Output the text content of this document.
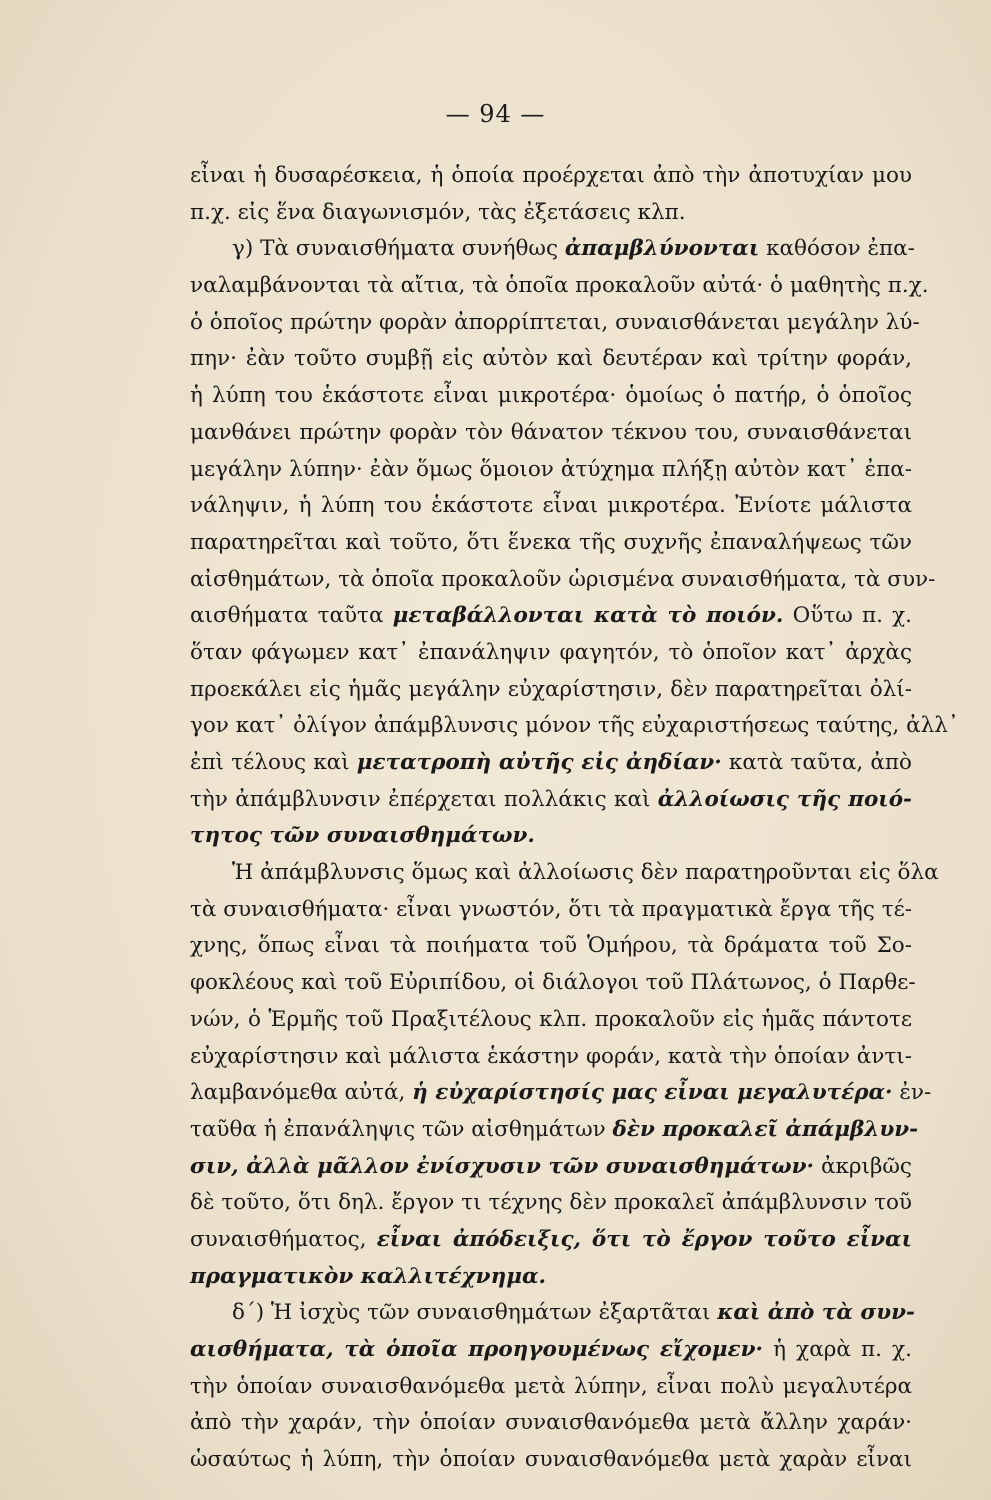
— 94 —
εἶναι ἡ δυσαρέσκεια, ἡ ὁποία προέρχεται ἀπὸ τὴν ἀποτυχίαν μου
π.χ. εἰς ἕνα διαγωνισμόν, τὰς ἐξετάσεις κλπ.
γ) Τὰ συναισθήματα συνήθως ἀπαμβλύνονται καθόσον ἐπα-
ναλαμβάνονται τὰ αἴτια, τὰ ὁποῖα προκαλοῦν αὐτά· ὁ μαθητὴς π.χ.
ὁ ὁποῖος πρώτην φορὰν ἀπορρίπτεται, συναισθάνεται μεγάλην λύ-
πην· ἐὰν τοῦτο συμβῇ εἰς αὐτὸν καὶ δευτέραν καὶ τρίτην φοράν,
ἡ λύπη του ἑκάστοτε εἶναι μικροτέρα· ὁμοίως ὁ πατήρ, ὁ ὁποῖος
μανθάνει πρώτην φορὰν τὸν θάνατον τέκνου του, συναισθάνεται
μεγάλην λύπην· ἐὰν ὅμως ὅμοιον ἀτύχημα πλήξῃ αὐτὸν κατ᾽ ἐπα-
νάληψιν, ἡ λύπη του ἑκάστοτε εἶναι μικροτέρα. Ἐνίοτε μάλιστα
παρατηρεῖται καὶ τοῦτο, ὅτι ἕνεκα τῆς συχνῆς ἐπαναλήψεως τῶν
αἰσθημάτων, τὰ ὁποῖα προκαλοῦν ὡρισμένα συναισθήματα, τὰ συν-
αισθήματα ταῦτα μεταβάλλονται κατὰ τὸ ποιόν. Οὕτω π. χ.
ὅταν φάγωμεν κατ᾽ ἐπανάληψιν φαγητόν, τὸ ὁποῖον κατ᾽ ἀρχὰς
προεκάλει εἰς ἡμᾶς μεγάλην εὐχαρίστησιν, δὲν παρατηρεῖται ὀλί-
γον κατ᾽ ὀλίγον ἀπάμβλυνσις μόνον τῆς εὐχαριστήσεως ταύτης, ἀλλ᾽
ἐπὶ τέλους καὶ μετατροπὴ αὐτῆς εἰς ἀηδίαν· κατὰ ταῦτα, ἀπὸ
τὴν ἀπάμβλυνσιν ἐπέρχεται πολλάκις καὶ ἀλλοίωσις τῆς ποιό-
τητος τῶν συναισθημάτων.
Ἡ ἀπάμβλυνσις ὅμως καὶ ἀλλοίωσις δὲν παρατηροῦνται εἰς ὅλα
τὰ συναισθήματα· εἶναι γνωστόν, ὅτι τὰ πραγματικὰ ἔργα τῆς τέ-
χνης, ὅπως εἶναι τὰ ποιήματα τοῦ Ὁμήρου, τὰ δράματα τοῦ Σο-
φοκλέους καὶ τοῦ Εὐριπίδου, οἱ διάλογοι τοῦ Πλάτωνος, ὁ Παρθε-
νών, ὁ Ἑρμῆς τοῦ Πραξιτέλους κλπ. προκαλοῦν εἰς ἡμᾶς πάντοτε
εὐχαρίστησιν καὶ μάλιστα ἑκάστην φοράν, κατὰ τὴν ὁποίαν ἀντι-
λαμβανόμεθα αὐτά, ἡ εὐχαρίστησίς μας εἶναι μεγαλυτέρα· ἐν-
ταῦθα ἡ ἐπανάληψις τῶν αἰσθημάτων δὲν προκαλεῖ ἀπάμβλυν-
σιν, ἀλλὰ μᾶλλον ἐνίσχυσιν τῶν συναισθημάτων· ἀκριβῶς
δὲ τοῦτο, ὅτι δηλ. ἔργον τι τέχνης δὲν προκαλεῖ ἀπάμβλυνσιν τοῦ
συναισθήματος, εἶναι ἀπόδειξις, ὅτι τὸ ἔργον τοῦτο εἶναι
πραγματικὸν καλλιτέχνημα.
δ´) Ἡ ἰσχὺς τῶν συναισθημάτων ἐξαρτᾶται καὶ ἀπὸ τὰ συν-
αισθήματα, τὰ ὁποῖα προηγουμένως εἴχομεν· ἡ χαρὰ π. χ.
τὴν ὁποίαν συναισθανόμεθα μετὰ λύπην, εἶναι πολὺ μεγαλυτέρα
ἀπὸ τὴν χαράν, τὴν ὁποίαν συναισθανόμεθα μετὰ ἄλλην χαράν·
ὡσαύτως ἡ λύπη, τὴν ὁποίαν συναισθανόμεθα μετὰ χαρὰν εἶναι
